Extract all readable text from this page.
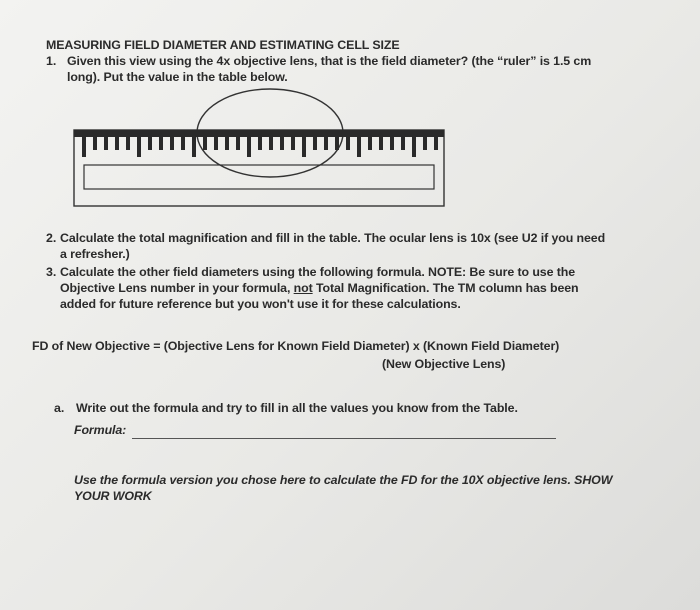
MEASURING FIELD DIAMETER AND ESTIMATING CELL SIZE
1. Given this view using the 4x objective lens, that is the field diameter? (the “ruler” is 1.5 cm
long). Put the value in the table below.
2. Calculate the total magnification and fill in the table. The ocular lens is 10x (see U2 if you need
a refresher.)
3. Calculate the other field diameters using the following formula. NOTE: Be sure to use the
Objective Lens number in your formula, not Total Magnification. The TM column has been
added for future reference but you won't use it for these calculations.
FD of New Objective = (Objective Lens for Known Field Diameter) x (Known Field Diameter)
(New Objective Lens)
a. Write out the formula and try to fill in all the values you know from the Table.
Formula:
Use the formula version you chose here to calculate the FD for the 10X objective lens. SHOW
YOUR WORK
